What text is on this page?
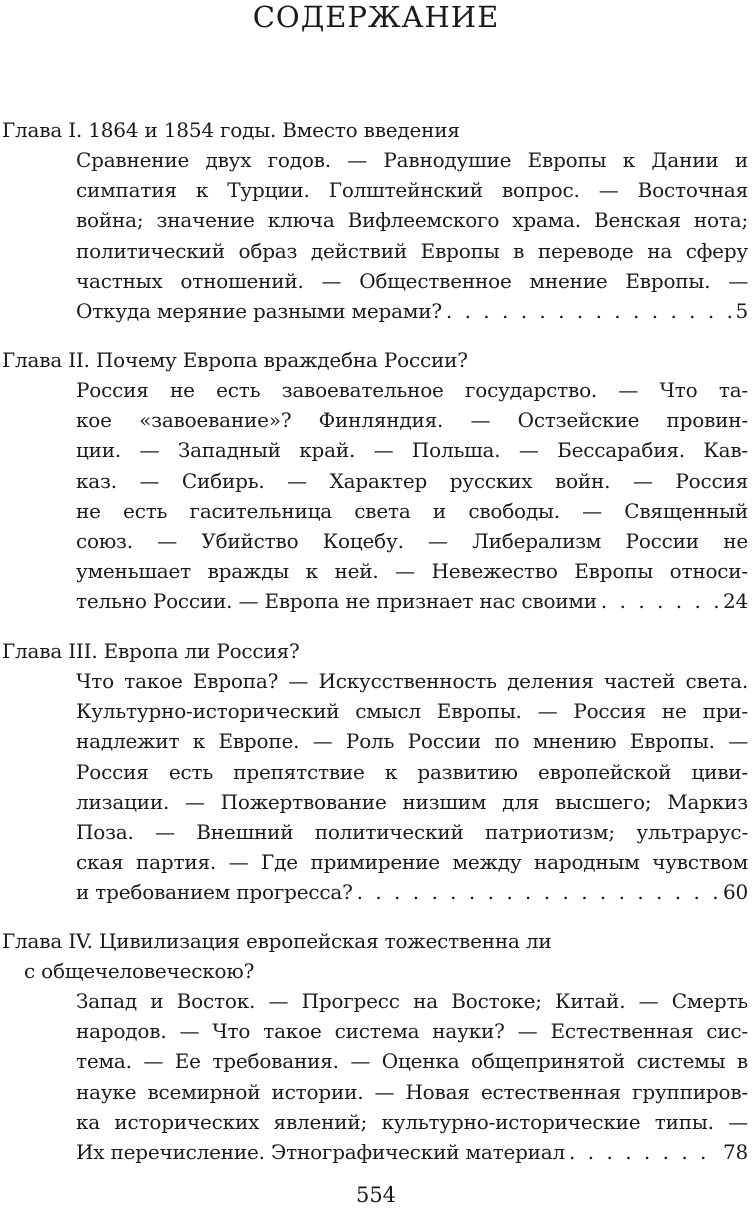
СОДЕРЖАНИЕ

Глава I. 1864 и 1854 годы. Вместо введения

Сравнение двух годов. — Равнодушие Европы к Дании и
симпатия к Турции. Голштейнский вопрос. — Восточная
война; значение ключа Вифлеемского храма. Венская нота;
политический образ действий Европы в переводе на сферу
частных отношений. — Общественное мнение Европы. —
Откуда меряние разными мерами? . . .	5

Глава II. Почему Европа враждебна России?

Россия не есть завоевательное государство. — Что та-
кое «завоевание»? Финляндия. — Остзейские провин-
ции. — Западный край. — Польша. — Бессарабия. Кав-
каз. — Сибирь. — Характер русских войн. — Россия
не есть гасительница света и свободы. — Священный
союз. — Убийство Коцебу. — Либерализм России не
уменьшает вражды к ней. — Невежество Европы относи-
тельно России. — Европа не признает нас своими . . .	24

Глава III. Европа ли Россия?

Что такое Европа? — Искусственность деления частей света.
Культурно-исторический смысл Европы. — Россия не при-
надлежит к Европе. — Роль России по мнению Европы. —
Россия есть препятствие к развитию европейской циви-
лизации. — Пожертвование низшим для высшего; Маркиз
Поза. — Внешний политический патриотизм; ультрарус-
ская партия. — Где примирение между народным чувством
и требованием прогресса? . . .	60

Глава IV. Цивилизация европейская тожественна ли
с общечеловеческою?

Запад и Восток. — Прогресс на Востоке; Китай. — Смерть
народов. — Что такое система науки? — Естественная сис-
тема. — Ее требования. — Оценка общепринятой системы в
науке всемирной истории. — Новая естественная группиров-
ка исторических явлений; культурно-исторические типы. —
Их перечисление. Этнографический материал . . .	78
554
